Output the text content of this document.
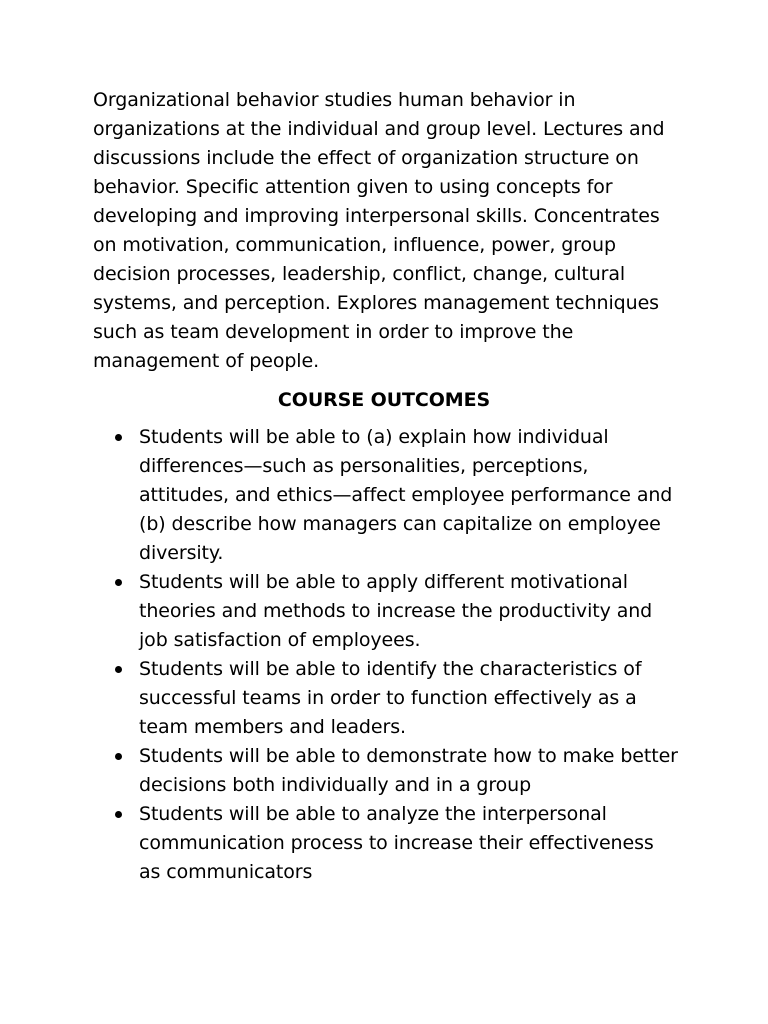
Organizational behavior studies human behavior in organizations at the individual and group level. Lectures and discussions include the effect of organization structure on behavior. Specific attention given to using concepts for developing and improving interpersonal skills. Concentrates on motivation, communication, influence, power, group decision processes, leadership, conflict, change, cultural systems, and perception. Explores management techniques such as team development in order to improve the management of people.

COURSE OUTCOMES
Students will be able to (a) explain how individual differences—such as personalities, perceptions, attitudes, and ethics—affect employee performance and (b) describe how managers can capitalize on employee diversity.
Students will be able to apply different motivational theories and methods to increase the productivity and job satisfaction of employees.
Students will be able to identify the characteristics of successful teams in order to function effectively as a team members and leaders.
Students will be able to demonstrate how to make better decisions both individually and in a group
Students will be able to analyze the interpersonal communication process to increase their effectiveness as communicators
